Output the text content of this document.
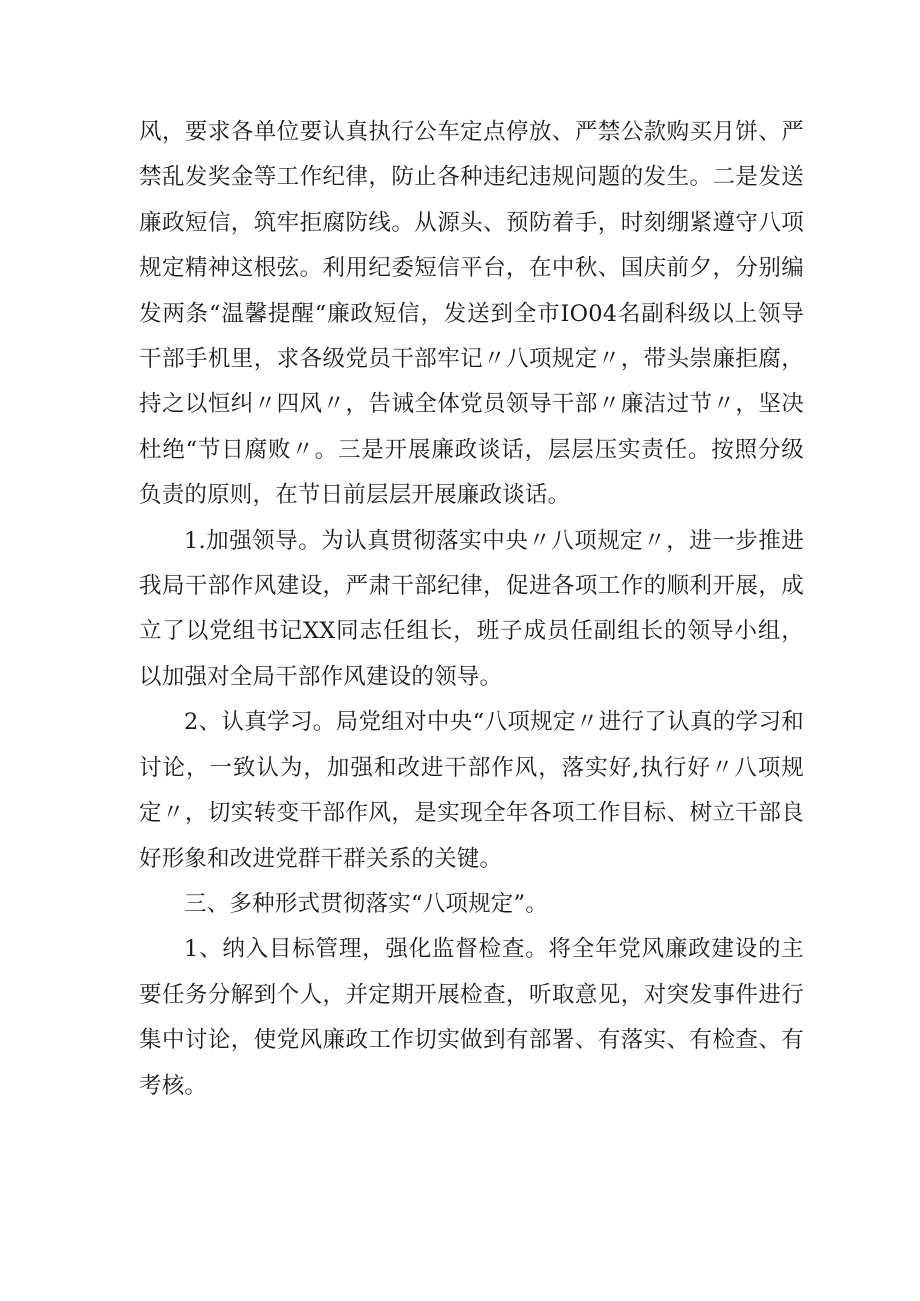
风，要求各单位要认真执行公车定点停放、严禁公款购买月饼、严禁乱发奖金等工作纪律，防止各种违纪违规问题的发生。二是发送廉政短信，筑牢拒腐防线。从源头、预防着手，时刻绷紧遵守八项规定精神这根弦。利用纪委短信平台，在中秋、国庆前夕，分别编发两条“温馨提醒“廉政短信，发送到全市IO04名副科级以上领导干部手机里，求各级党员干部牢记〃八项规定〃，带头崇廉拒腐，持之以恒纠〃四风〃，告诫全体党员领导干部〃廉洁过节〃，坚决杜绝“节日腐败〃。三是开展廉政谈话，层层压实责任。按照分级负责的原则，在节日前层层开展廉政谈话。

1.加强领导。为认真贯彻落实中央〃八项规定〃，进一步推进我局干部作风建设，严肃干部纪律，促进各项工作的顺利开展，成立了以党组书记XX同志任组长，班子成员任副组长的领导小组，以加强对全局干部作风建设的领导。

2、认真学习。局党组对中央“八项规定〃进行了认真的学习和讨论，一致认为，加强和改进干部作风，落实好,执行好〃八项规定〃，切实转变干部作风，是实现全年各项工作目标、树立干部良好形象和改进党群干群关系的关键。

三、多种形式贯彻落实“八项规定”。

1、纳入目标管理，强化监督检查。将全年党风廉政建设的主要任务分解到个人，并定期开展检查，听取意见，对突发事件进行集中讨论，使党风廉政工作切实做到有部署、有落实、有检查、有考核。
